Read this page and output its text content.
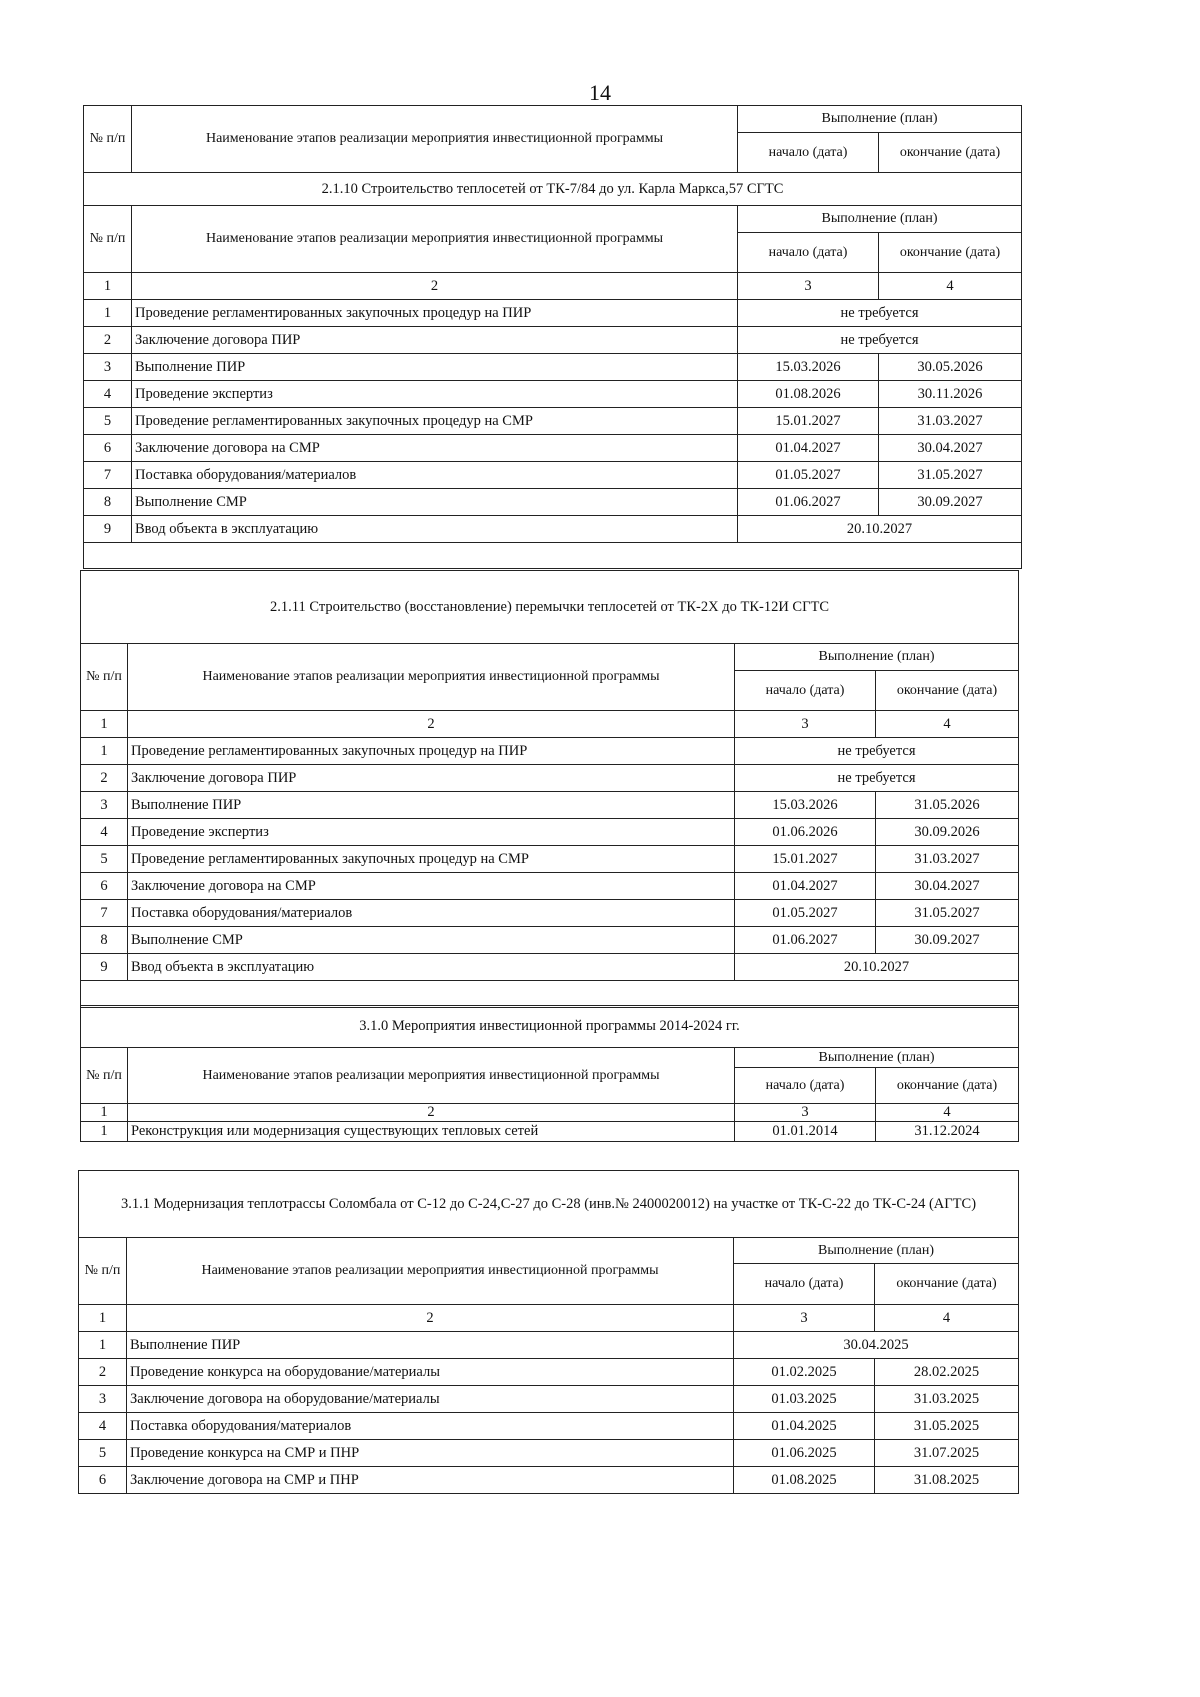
14
№ п/п	Наименование этапов реализации мероприятия инвестиционной программы	Выполнение (план)	
		начало (дата)	окончание (дата)
2.1.10 Строительство теплосетей от ТК-7/84 до ул. Карла Маркса,57 СГТС			
№ п/п	Наименование этапов реализации мероприятия инвестиционной программы	Выполнение (план)	
		начало (дата)	окончание (дата)
1	2	3	4
1	Проведение регламентированных закупочных процедур на ПИР	не требуется	
2	Заключение договора ПИР	не требуется	
3	Выполнение ПИР	15.03.2026	30.05.2026
4	Проведение экспертиз	01.08.2026	30.11.2026
5	Проведение регламентированных закупочных процедур на СМР	15.01.2027	31.03.2027
6	Заключение договора на СМР	01.04.2027	30.04.2027
7	Поставка оборудования/материалов	01.05.2027	31.05.2027
8	Выполнение СМР	01.06.2027	30.09.2027
9	Ввод объекта в эксплуатацию	20.10.2027	

2.1.11 Строительство (восстановление) перемычки теплосетей от ТК-2Х до ТК-12И СГТС			
№ п/п	Наименование этапов реализации мероприятия инвестиционной программы	Выполнение (план)	
		начало (дата)	окончание (дата)
1	2	3	4
1	Проведение регламентированных закупочных процедур на ПИР	не требуется	
2	Заключение договора ПИР	не требуется	
3	Выполнение ПИР	15.03.2026	31.05.2026
4	Проведение экспертиз	01.06.2026	30.09.2026
5	Проведение регламентированных закупочных процедур на СМР	15.01.2027	31.03.2027
6	Заключение договора на СМР	01.04.2027	30.04.2027
7	Поставка оборудования/материалов	01.05.2027	31.05.2027
8	Выполнение СМР	01.06.2027	30.09.2027
9	Ввод объекта в эксплуатацию	20.10.2027	

3.1.0 Мероприятия инвестиционной программы 2014-2024 гг.			
№ п/п	Наименование этапов реализации мероприятия инвестиционной программы	Выполнение (план)	
		начало (дата)	окончание (дата)
1	2	3	4
1	Реконструкция или модернизация существующих тепловых сетей	01.01.2014	31.12.2024
3.1.1 Модернизация теплотрассы Соломбала от С-12 до С-24,С-27 до С-28 (инв.№ 2400020012) на участке от ТК-С-22 до ТК-С-24 (АГТС)			
№ п/п	Наименование этапов реализации мероприятия инвестиционной программы	Выполнение (план)	
		начало (дата)	окончание (дата)
1	2	3	4
1	Выполнение ПИР	30.04.2025	
2	Проведение конкурса на оборудование/материалы	01.02.2025	28.02.2025
3	Заключение договора на оборудование/материалы	01.03.2025	31.03.2025
4	Поставка оборудования/материалов	01.04.2025	31.05.2025
5	Проведение конкурса на СМР и ПНР	01.06.2025	31.07.2025
6	Заключение договора на СМР и ПНР	01.08.2025	31.08.2025
